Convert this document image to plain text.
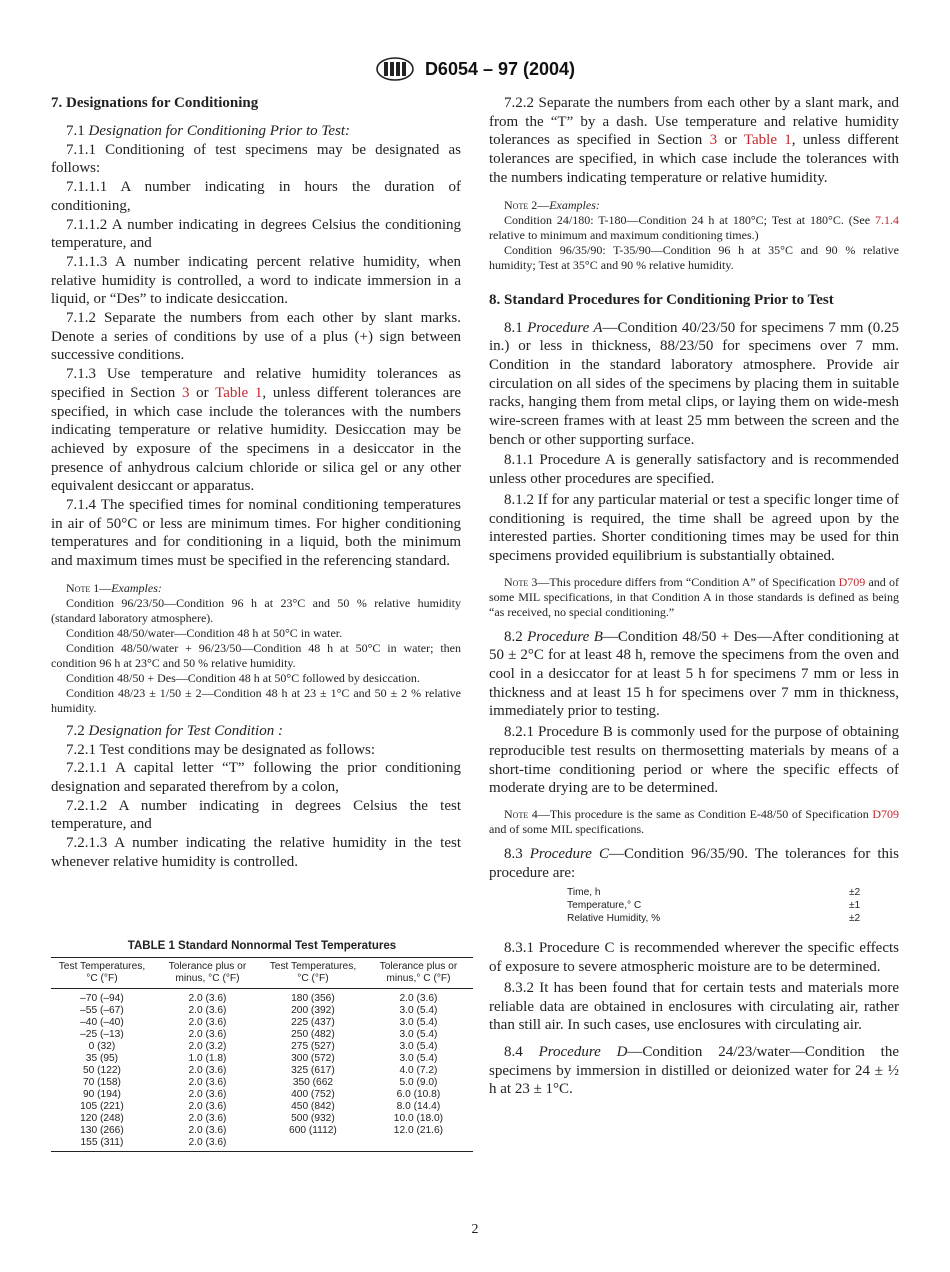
D6054 – 97 (2004)
7. Designations for Conditioning

7.1 Designation for Conditioning Prior to Test:

7.1.1 Conditioning of test specimens may be designated as follows:

7.1.1.1 A number indicating in hours the duration of conditioning,

7.1.1.2 A number indicating in degrees Celsius the conditioning temperature, and

7.1.1.3 A number indicating percent relative humidity, when relative humidity is controlled, a word to indicate immersion in a liquid, or “Des” to indicate desiccation.

7.1.2 Separate the numbers from each other by slant marks. Denote a series of conditions by use of a plus (+) sign between successive conditions.

7.1.3 Use temperature and relative humidity tolerances as specified in Section 3 or Table 1, unless different tolerances are specified, in which case include the tolerances with the numbers indicating temperature or relative humidity. Desiccation may be achieved by exposure of the specimens in a desiccator in the presence of anhydrous calcium chloride or silica gel or any other equivalent desiccant or apparatus.

7.1.4 The specified times for nominal conditioning temperatures in air of 50°C or less are minimum times. For higher conditioning temperatures and for conditioning in a liquid, both the minimum and maximum times must be specified in the referencing standard.

Note 1—Examples:

Condition 96/23/50—Condition 96 h at 23°C and 50 % relative humidity (standard laboratory atmosphere).

Condition 48/50/water—Condition 48 h at 50°C in water.

Condition 48/50/water + 96/23/50—Condition 48 h at 50°C in water; then condition 96 h at 23°C and 50 % relative humidity.

Condition 48/50 + Des—Condition 48 h at 50°C followed by desiccation.

Condition 48/23 ± 1/50 ± 2—Condition 48 h at 23 ± 1°C and 50 ± 2 % relative humidity.

7.2 Designation for Test Condition :

7.2.1 Test conditions may be designated as follows:

7.2.1.1 A capital letter “T” following the prior conditioning designation and separated therefrom by a colon,

7.2.1.2 A number indicating in degrees Celsius the test temperature, and

7.2.1.3 A number indicating the relative humidity in the test whenever relative humidity is controlled.

TABLE 1 Standard Nonnormal Test Temperatures
Test Temperatures, °C (°F)	Tolerance plus or minus, °C (°F)	Test Temperatures, °C (°F)	Tolerance plus or minus,° C (°F)
–70 (–94)	2.0 (3.6)	180 (356)	2.0 (3.6)
–55 (–67)	2.0 (3.6)	200 (392)	3.0 (5.4)
–40 (–40)	2.0 (3.6)	225 (437)	3.0 (5.4)
–25 (–13)	2.0 (3.6)	250 (482)	3.0 (5.4)
0 (32)	2.0 (3.2)	275 (527)	3.0 (5.4)
35 (95)	1.0 (1.8)	300 (572)	3.0 (5.4)
50 (122)	2.0 (3.6)	325 (617)	4.0 (7.2)
70 (158)	2.0 (3.6)	350 (662	5.0 (9.0)
90 (194)	2.0 (3.6)	400 (752)	6.0 (10.8)
105 (221)	2.0 (3.6)	450 (842)	8.0 (14.4)
120 (248)	2.0 (3.6)	500 (932)	10.0 (18.0)
130 (266)	2.0 (3.6)	600 (1112)	12.0 (21.6)
155 (311)	2.0 (3.6)		

7.2.2 Separate the numbers from each other by a slant mark, and from the “T” by a dash. Use temperature and relative humidity tolerances as specified in Section 3 or Table 1, unless different tolerances are specified, in which case include the tolerances with the numbers indicating temperature or relative humidity.

Note 2—Examples:

Condition 24/180: T-180—Condition 24 h at 180°C; Test at 180°C. (See 7.1.4 relative to minimum and maximum conditioning times.)

Condition 96/35/90: T-35/90—Condition 96 h at 35°C and 90 % relative humidity; Test at 35°C and 90 % relative humidity.

8. Standard Procedures for Conditioning Prior to Test

8.1 Procedure A—Condition 40/23/50 for specimens 7 mm (0.25 in.) or less in thickness, 88/23/50 for specimens over 7 mm. Condition in the standard laboratory atmosphere. Provide air circulation on all sides of the specimens by placing them in suitable racks, hanging them from metal clips, or laying them on wide-mesh wire-screen frames with at least 25 mm between the screen and the bench or other supporting surface.

8.1.1 Procedure A is generally satisfactory and is recommended unless other procedures are specified.

8.1.2 If for any particular material or test a specific longer time of conditioning is required, the time shall be agreed upon by the interested parties. Shorter conditioning times may be used for thin specimens provided equilibrium is substantially obtained.

Note 3—This procedure differs from “Condition A” of Specification D709 and of some MIL specifications, in that Condition A in those standards is defined as being “as received, no special conditioning.”

8.2 Procedure B—Condition 48/50 + Des—After conditioning at 50 ± 2°C for at least 48 h, remove the specimens from the oven and cool in a desiccator for at least 5 h for specimens 7 mm or less in thickness and at least 15 h for specimens over 7 mm in thickness, immediately prior to testing.

8.2.1 Procedure B is commonly used for the purpose of obtaining reproducible test results on thermosetting materials by means of a short-time conditioning period or where the specific effects of moderate drying are to be determined.

Note 4—This procedure is the same as Condition E-48/50 of Specification D709 and of some MIL specifications.

8.3 Procedure C—Condition 96/35/90. The tolerances for this procedure are:

Time, h	±2
Temperature,° C	±1
Relative Humidity, %	±2

8.3.1 Procedure C is recommended wherever the specific effects of exposure to severe atmospheric moisture are to be determined.

8.3.2 It has been found that for certain tests and materials more reliable data are obtained in enclosures with circulating air, rather than still air. In such cases, use enclosures with circulating air.

8.4 Procedure D—Condition 24/23/water—Condition the specimens by immersion in distilled or deionized water for 24 ± ½ h at 23 ± 1°C.

2
